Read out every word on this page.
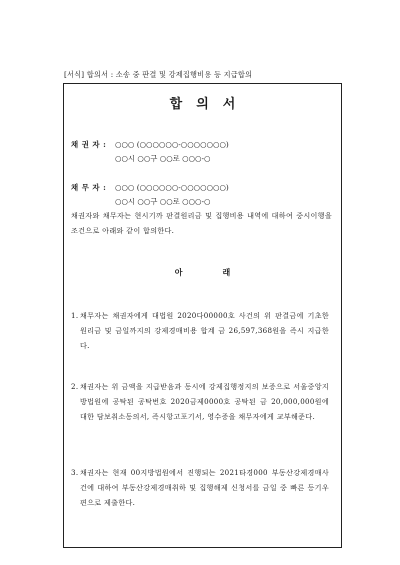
[서식] 합의서 : 소송 중 판결 및 강제집행비용 등 지급합의
합의서
채 권 자 :	○○○ (○○○○○○-○○○○○○○)
○○시 ○○구 ○○로 ○○○-○
채 무 자 :	○○○ (○○○○○○-○○○○○○○)
○○시 ○○구 ○○로 ○○○-○
채권자와 채무자는 현시기까 판결원리금 및 집행비용 내역에 대하여 중시이행을 조건으로 아래와 같이 합의한다.
아래
1. 채무자는 채권자에게 대법원 2020다00000호 사건의 위 판결금에 기초한 원리금 및 금일까지의 강제경매비용 합계 금 26,597,368원을 즉시 지급한다.
2. 채권자는 위 금액을 지급받음과 동시에 강제집행정지의 보증으로 서울중앙지방법원에 공탁된 공탁번호 2020금제0000호 공탁된 금 20,000,000원에 대한 담보취소동의서, 즉시항고포기서, 영수증을 채무자에게 교부해준다.
3. 채권자는 현재 00지방법원에서 진행되는 2021타경000 부동산강제경매사건에 대하여 부동산강제경매취하 및 집행해제 신청서를 금일 중 빠른 등기우편으로 제출한다.
